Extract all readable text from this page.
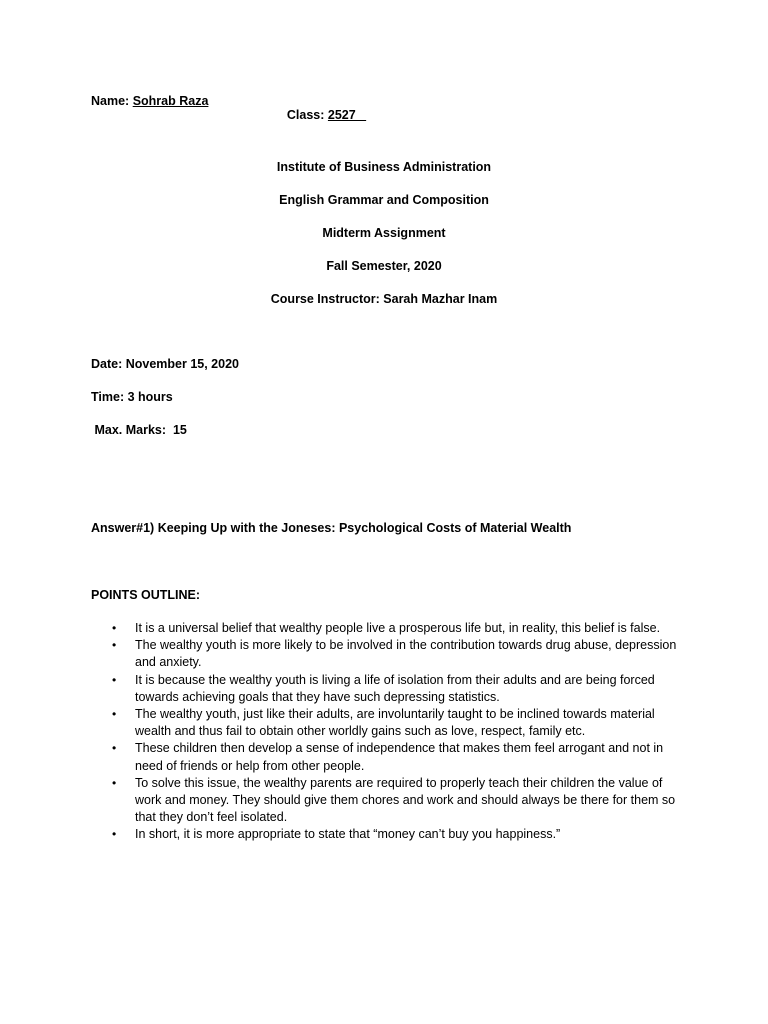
Name: Sohrab Raza

Class: 2527

Institute of Business Administration
English Grammar and Composition
Midterm Assignment
Fall Semester, 2020
Course Instructor: Sarah Mazhar Inam
Date: November 15, 2020
Time: 3 hours
Max. Marks:  15
Answer#1) Keeping Up with the Joneses: Psychological Costs of Material Wealth
POINTS OUTLINE:
• It is a universal belief that wealthy people live a prosperous life but, in reality, this belief is false.
• The wealthy youth is more likely to be involved in the contribution towards drug abuse, depression and anxiety.
• It is because the wealthy youth is living a life of isolation from their adults and are being forced towards achieving goals that they have such depressing statistics.
• The wealthy youth, just like their adults, are involuntarily taught to be inclined towards material wealth and thus fail to obtain other worldly gains such as love, respect, family etc.
• These children then develop a sense of independence that makes them feel arrogant and not in need of friends or help from other people.
• To solve this issue, the wealthy parents are required to properly teach their children the value of work and money. They should give them chores and work and should always be there for them so that they don’t feel isolated.
• In short, it is more appropriate to state that “money can’t buy you happiness.”
